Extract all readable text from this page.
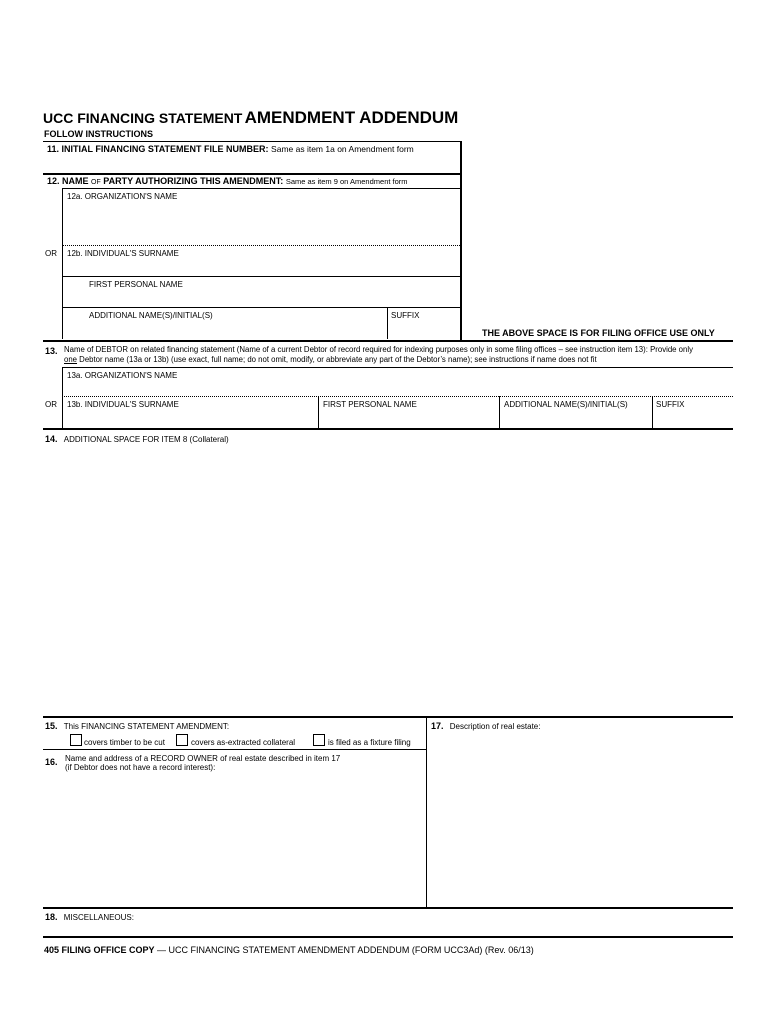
UCC FINANCING STATEMENT AMENDMENT ADDENDUM
FOLLOW INSTRUCTIONS
11. INITIAL FINANCING STATEMENT FILE NUMBER: Same as item 1a on Amendment form
12. NAME OF PARTY AUTHORIZING THIS AMENDMENT: Same as item 9 on Amendment form
12a. ORGANIZATION'S NAME
OR 12b. INDIVIDUAL'S SURNAME
FIRST PERSONAL NAME
ADDITIONAL NAME(S)/INITIAL(S)	SUFFIX
THE ABOVE SPACE IS FOR FILING OFFICE USE ONLY
13. Name of DEBTOR on related financing statement (Name of a current Debtor of record required for indexing purposes only in some filing offices – see instruction item 13): Provide only
one Debtor name (13a or 13b) (use exact, full name; do not omit, modify, or abbreviate any part of the Debtor’s name); see instructions if name does not fit
13a. ORGANIZATION'S NAME
OR 13b. INDIVIDUAL'S SURNAME	FIRST PERSONAL NAME	ADDITIONAL NAME(S)/INITIAL(S)	SUFFIX
14. ADDITIONAL SPACE FOR ITEM 8 (Collateral)
15. This FINANCING STATEMENT AMENDMENT:
covers timber to be cut	covers as-extracted collateral	is filed as a fixture filing
16. Name and address of a RECORD OWNER of real estate described in item 17
(if Debtor does not have a record interest):
17. Description of real estate:
18. MISCELLANEOUS:
405 FILING OFFICE COPY — UCC FINANCING STATEMENT AMENDMENT ADDENDUM (FORM UCC3Ad) (Rev. 06/13)
